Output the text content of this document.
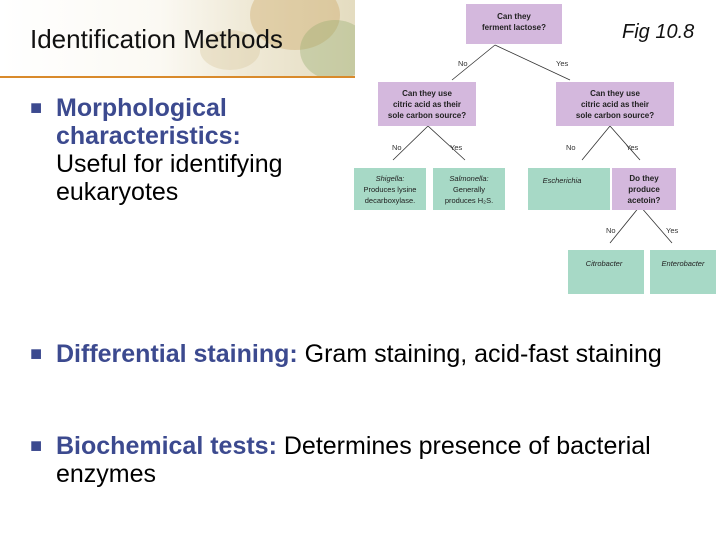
Identification Methods	Fig 10.8
No	Yes
No	Yes	No	Yes
No	Yes
Can they
ferment lactose?
Can they use
citric acid as their
sole carbon source?
Can they use
citric acid as their
sole carbon source?
Shigella:
Produces lysine
decarboxylase.
Salmonella:
Generally
produces H₂S.
Escherichia	Do they
produce
acetoin?
Citrobacter	Enterobacter
■ Morphological characteristics: Useful for identifying eukaryotes
■ Differential staining: Gram staining, acid-fast staining
■ Biochemical tests: Determines presence of bacterial enzymes
